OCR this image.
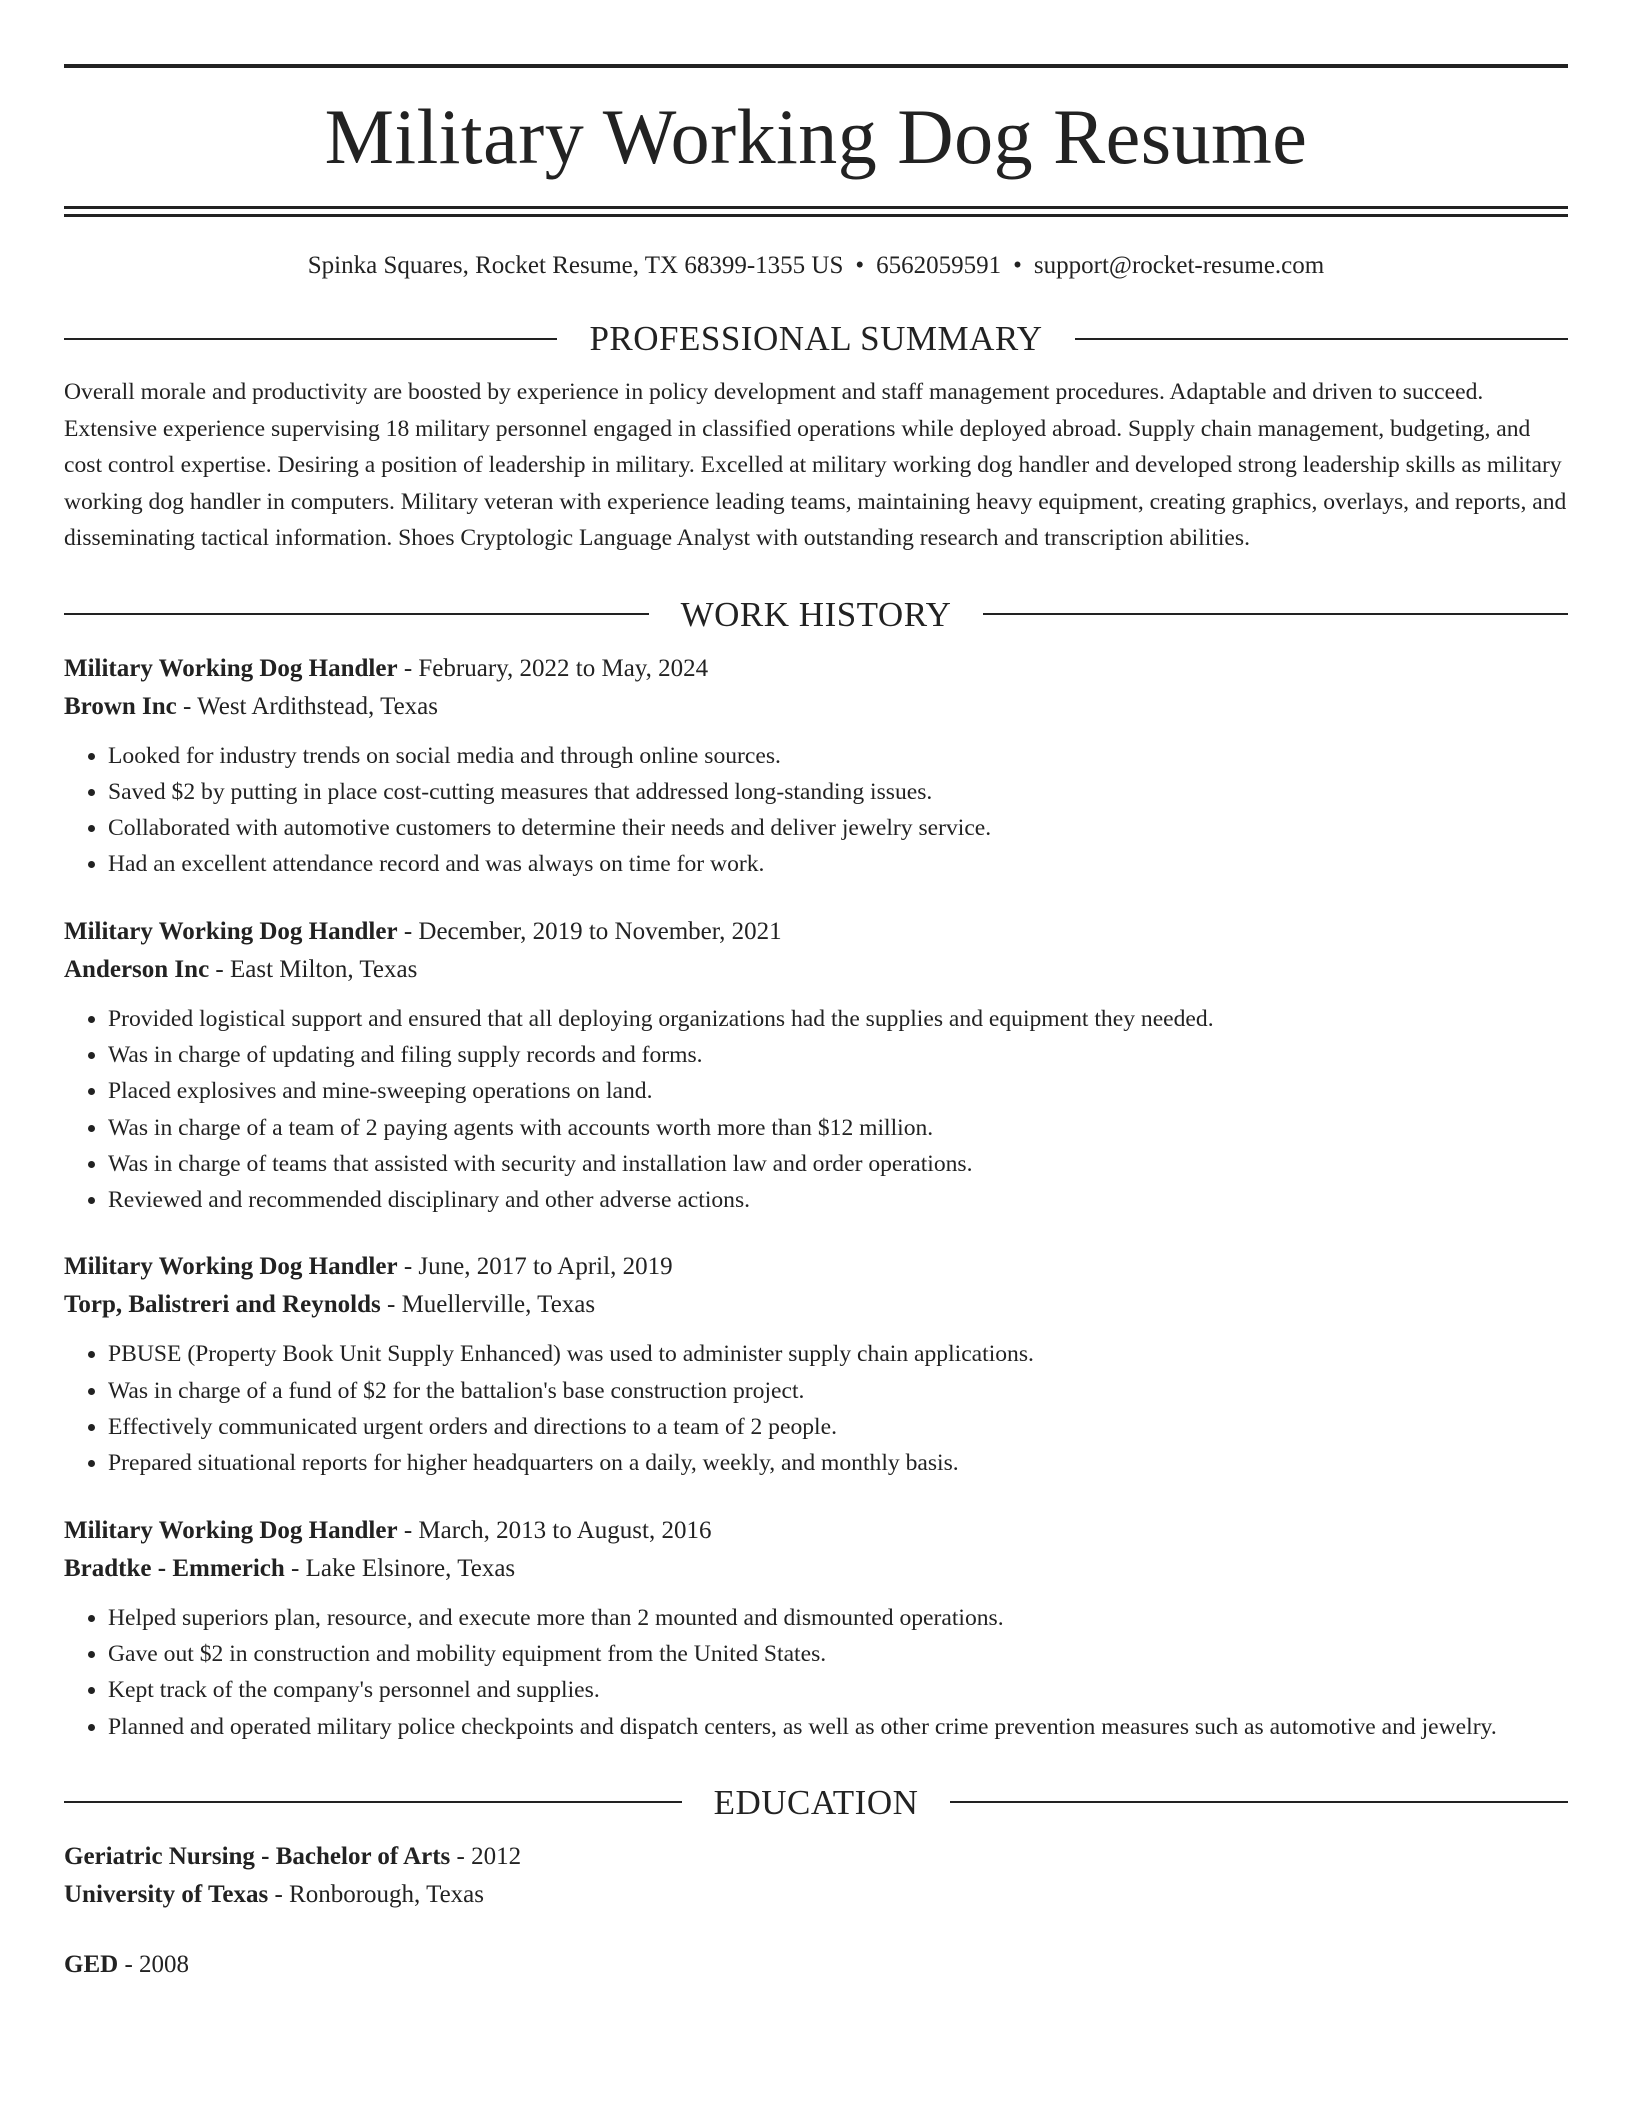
Military Working Dog Resume
Spinka Squares, Rocket Resume, TX 68399-1355 US • 6562059591 • support@rocket-resume.com
PROFESSIONAL SUMMARY

Overall morale and productivity are boosted by experience in policy development and staff management procedures. Adaptable and driven to succeed. Extensive experience supervising 18 military personnel engaged in classified operations while deployed abroad. Supply chain management, budgeting, and cost control expertise. Desiring a position of leadership in military. Excelled at military working dog handler and developed strong leadership skills as military working dog handler in computers. Military veteran with experience leading teams, maintaining heavy equipment, creating graphics, overlays, and reports, and disseminating tactical information. Shoes Cryptologic Language Analyst with outstanding research and transcription abilities.

WORK HISTORY
Military Working Dog Handler - February, 2022 to May, 2024
Brown Inc - West Ardithstead, Texas
• Looked for industry trends on social media and through online sources.
• Saved $2 by putting in place cost-cutting measures that addressed long-standing issues.
• Collaborated with automotive customers to determine their needs and deliver jewelry service.
• Had an excellent attendance record and was always on time for work.
Military Working Dog Handler - December, 2019 to November, 2021
Anderson Inc - East Milton, Texas
• Provided logistical support and ensured that all deploying organizations had the supplies and equipment they needed.
• Was in charge of updating and filing supply records and forms.
• Placed explosives and mine-sweeping operations on land.
• Was in charge of a team of 2 paying agents with accounts worth more than $12 million.
• Was in charge of teams that assisted with security and installation law and order operations.
• Reviewed and recommended disciplinary and other adverse actions.
Military Working Dog Handler - June, 2017 to April, 2019
Torp, Balistreri and Reynolds - Muellerville, Texas
• PBUSE (Property Book Unit Supply Enhanced) was used to administer supply chain applications.
• Was in charge of a fund of $2 for the battalion's base construction project.
• Effectively communicated urgent orders and directions to a team of 2 people.
• Prepared situational reports for higher headquarters on a daily, weekly, and monthly basis.
Military Working Dog Handler - March, 2013 to August, 2016
Bradtke - Emmerich - Lake Elsinore, Texas
• Helped superiors plan, resource, and execute more than 2 mounted and dismounted operations.
• Gave out $2 in construction and mobility equipment from the United States.
• Kept track of the company's personnel and supplies.
• Planned and operated military police checkpoints and dispatch centers, as well as other crime prevention measures such as automotive and jewelry.
EDUCATION
Geriatric Nursing - Bachelor of Arts - 2012
University of Texas - Ronborough, Texas
GED - 2008
